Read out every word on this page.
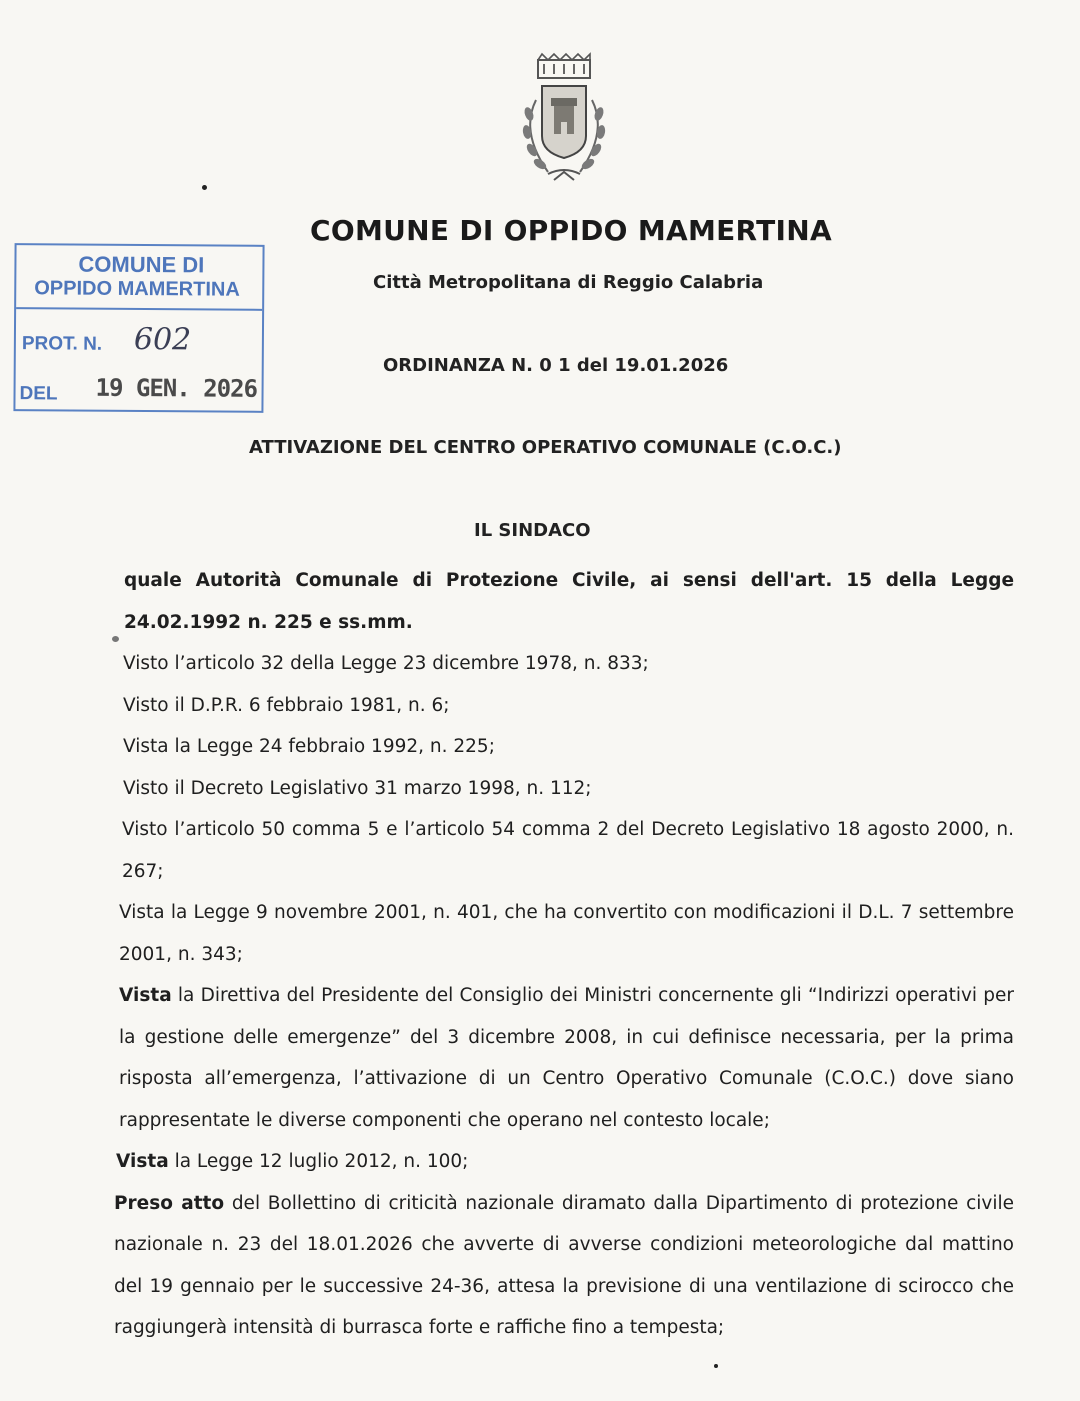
COMUNE DI OPPIDO MAMERTINA
Città Metropolitana di Reggio Calabria
ORDINANZA N. 0 1 del 19.01.2026
ATTIVAZIONE DEL CENTRO OPERATIVO COMUNALE (C.O.C.)
IL SINDACO
COMUNE DI
OPPIDO MAMERTINA
PROT. N. 602
DEL 19 GEN. 2026

quale Autorità Comunale di Protezione Civile, ai sensi dell'art. 15 della Legge 24.02.1992 n. 225 e ss.mm.

Visto l’articolo 32 della Legge 23 dicembre 1978, n. 833;

Visto il D.P.R. 6 febbraio 1981, n. 6;

Vista la Legge 24 febbraio 1992, n. 225;

Visto il Decreto Legislativo 31 marzo 1998, n. 112;

Visto l’articolo 50 comma 5 e l’articolo 54 comma 2 del Decreto Legislativo 18 agosto 2000, n. 267;

Vista la Legge 9 novembre 2001, n. 401, che ha convertito con modificazioni il D.L. 7 settembre 2001, n. 343;

Vista la Direttiva del Presidente del Consiglio dei Ministri concernente gli “Indirizzi operativi per la gestione delle emergenze” del 3 dicembre 2008, in cui definisce necessaria, per la prima risposta all’emergenza, l’attivazione di un Centro Operativo Comunale (C.O.C.) dove siano rappresentate le diverse componenti che operano nel contesto locale;

Vista la Legge 12 luglio 2012, n. 100;

Preso atto del Bollettino di criticità nazionale diramato dalla Dipartimento di protezione civile nazionale n. 23 del 18.01.2026 che avverte di avverse condizioni meteorologiche dal mattino del 19 gennaio per le successive 24-36, attesa la previsione di una ventilazione di scirocco che raggiungerà intensità di burrasca forte e raffiche fino a tempesta;
